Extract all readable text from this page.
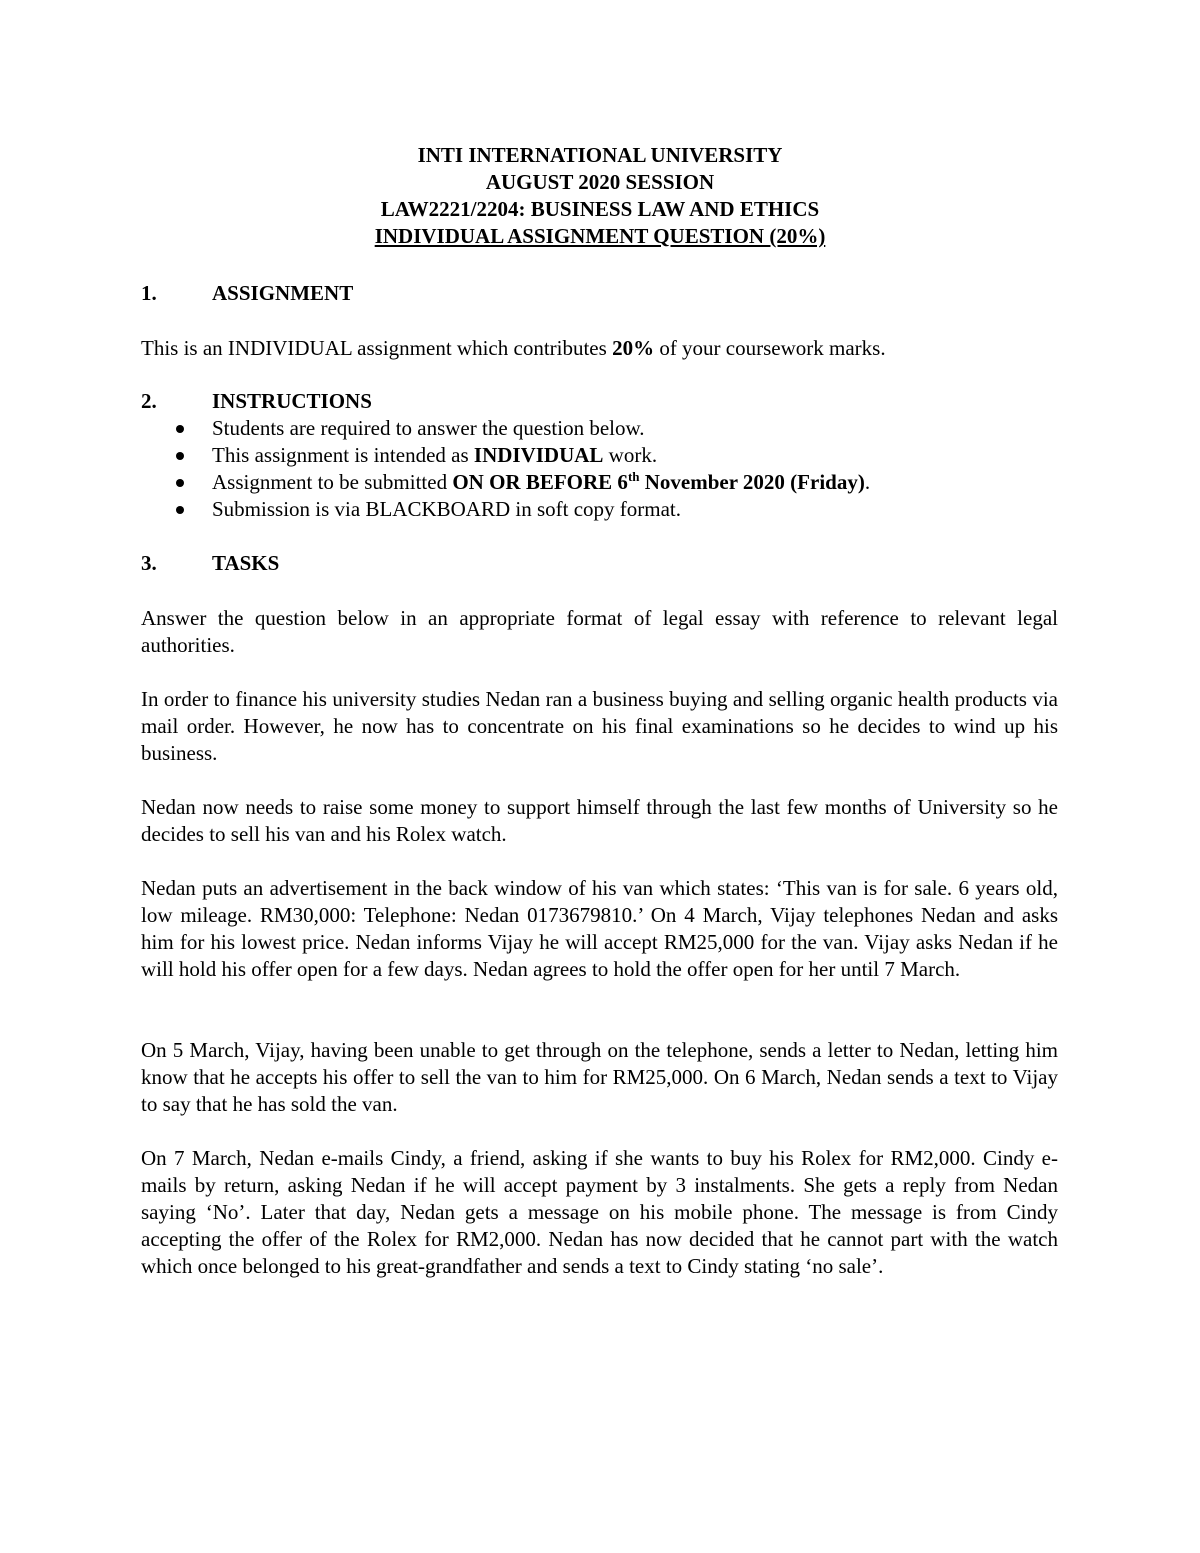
INTI INTERNATIONAL UNIVERSITY
AUGUST 2020 SESSION
LAW2221/2204: BUSINESS LAW AND ETHICS
INDIVIDUAL ASSIGNMENT QUESTION (20%)
1.	ASSIGNMENT
This is an INDIVIDUAL assignment which contributes 20% of your coursework marks.
2.	INSTRUCTIONS
Students are required to answer the question below.
This assignment is intended as INDIVIDUAL work.
Assignment to be submitted ON OR BEFORE 6th November 2020 (Friday).
Submission is via BLACKBOARD in soft copy format.
3.	TASKS
Answer the question below in an appropriate format of legal essay with reference to relevant legal authorities.
In order to finance his university studies Nedan ran a business buying and selling organic health products via mail order. However, he now has to concentrate on his final examinations so he decides to wind up his business.
Nedan now needs to raise some money to support himself through the last few months of University so he decides to sell his van and his Rolex watch.
Nedan puts an advertisement in the back window of his van which states: ‘This van is for sale. 6 years old, low mileage. RM30,000: Telephone: Nedan 0173679810.’ On 4 March, Vijay telephones Nedan and asks him for his lowest price. Nedan informs Vijay he will accept RM25,000 for the van. Vijay asks Nedan if he will hold his offer open for a few days. Nedan agrees to hold the offer open for her until 7 March.
On 5 March, Vijay, having been unable to get through on the telephone, sends a letter to Nedan, letting him know that he accepts his offer to sell the van to him for RM25,000. On 6 March, Nedan sends a text to Vijay to say that he has sold the van.
On 7 March, Nedan e-mails Cindy, a friend, asking if she wants to buy his Rolex for RM2,000. Cindy e-mails by return, asking Nedan if he will accept payment by 3 instalments. She gets a reply from Nedan saying ‘No’. Later that day, Nedan gets a message on his mobile phone. The message is from Cindy accepting the offer of the Rolex for RM2,000. Nedan has now decided that he cannot part with the watch which once belonged to his great-grandfather and sends a text to Cindy stating ‘no sale’.
